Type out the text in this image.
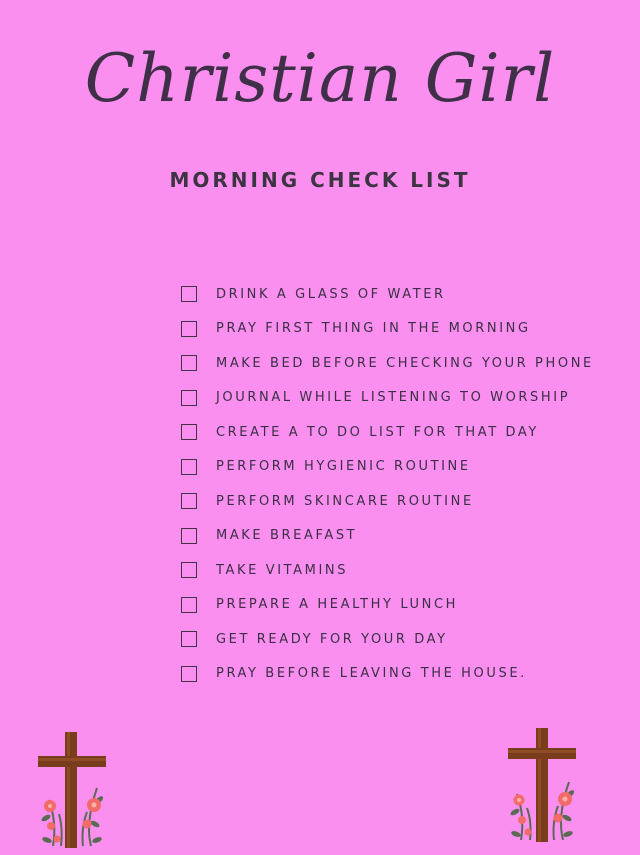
Christian Girl
MORNING CHECK LIST
DRINK A GLASS OF WATER
PRAY FIRST THING IN THE MORNING
MAKE BED BEFORE CHECKING YOUR PHONE
JOURNAL WHILE LISTENING TO WORSHIP
CREATE A TO DO LIST FOR THAT DAY
PERFORM HYGIENIC ROUTINE
PERFORM SKINCARE ROUTINE
MAKE BREAFAST
TAKE VITAMINS
PREPARE A HEALTHY LUNCH
GET READY FOR YOUR DAY
PRAY BEFORE LEAVING THE HOUSE.
